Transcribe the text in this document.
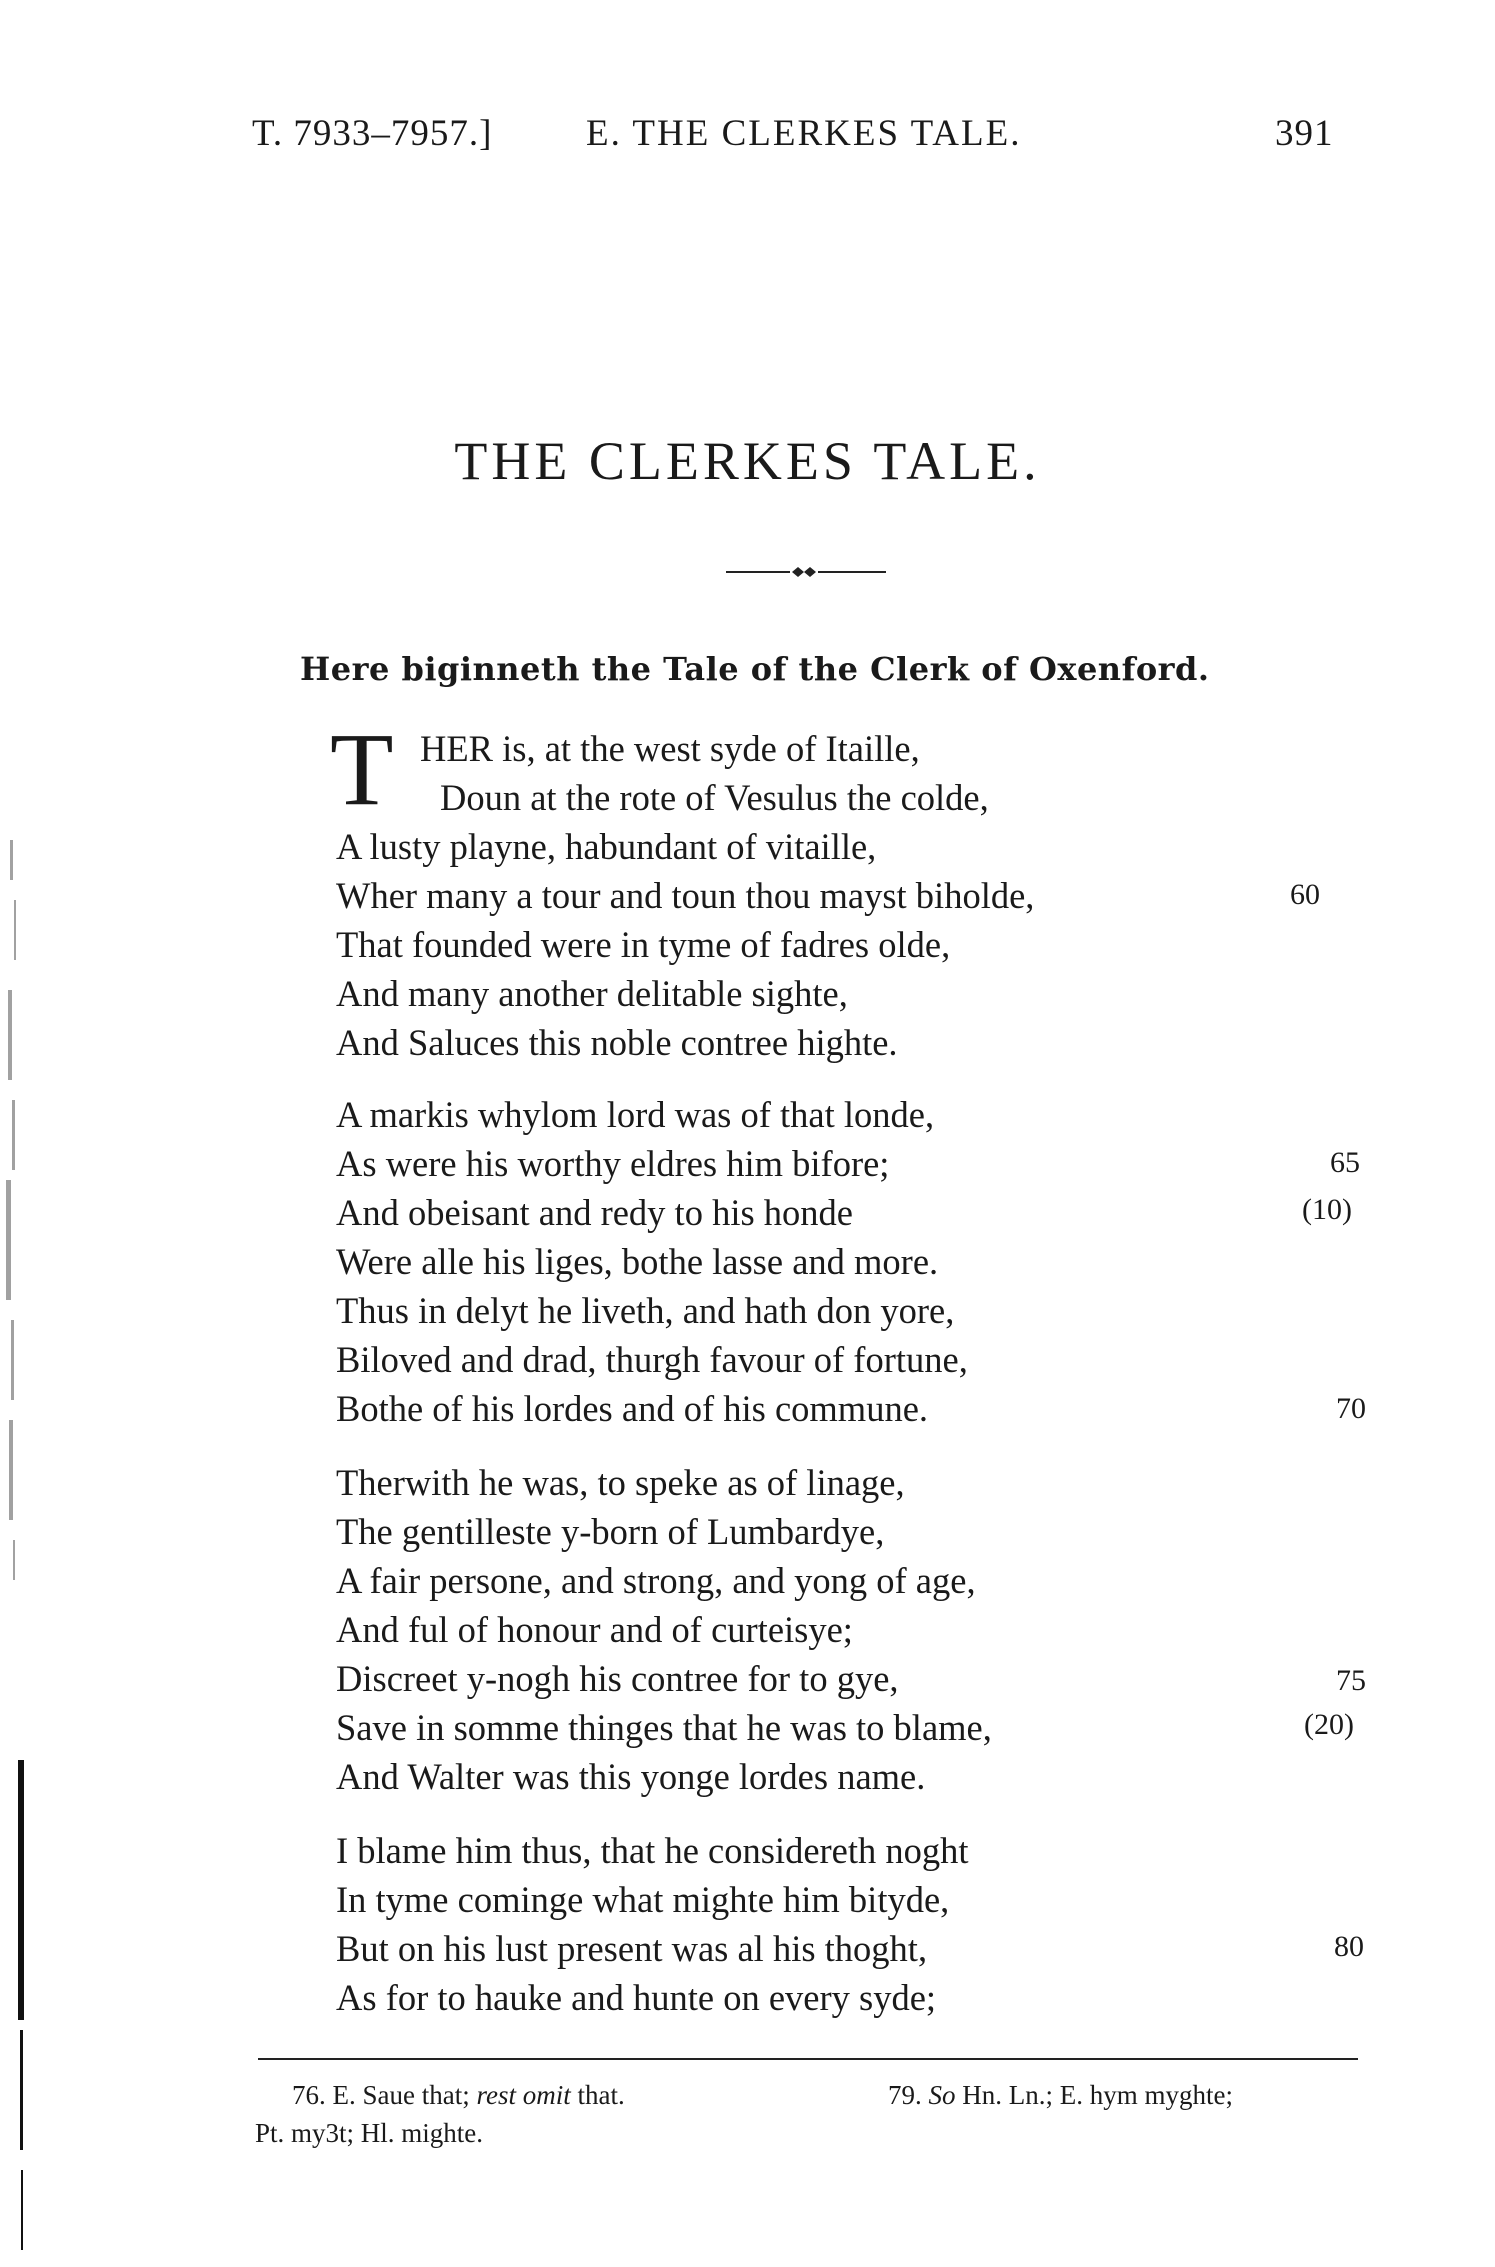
T. 7933–7957.]	E. THE CLERKES TALE.	391
THE CLERKES TALE.
Here biginneth the Tale of the Clerk of Oxenford.
T HER is, at the west syde of Itaille,
Doun at the rote of Vesulus the colde,
A lusty playne, habundant of vitaille,
Wher many a tour and toun thou mayst biholde,
That founded were in tyme of fadres olde,
And many another delitable sighte,
And Saluces this noble contree highte.
60
A markis whylom lord was of that londe,
As were his worthy eldres him bifore;
And obeisant and redy to his honde
Were alle his liges, bothe lasse and more.
Thus in delyt he liveth, and hath don yore,
Biloved and drad, thurgh favour of fortune,
Bothe of his lordes and of his commune.
65
(10)
70
Therwith he was, to speke as of linage,
The gentilleste y-born of Lumbardye,
A fair persone, and strong, and yong of age,
And ful of honour and of curteisye;
Discreet y-nogh his contree for to gye,
Save in somme thinges that he was to blame,
And Walter was this yonge lordes name.
75
(20)
I blame him thus, that he considereth noght
In tyme cominge what mighte him bityde,
But on his lust present was al his thoght,
As for to hauke and hunte on every syde;
80
76. E. Saue that; rest omit that.
Pt. my3t; Hl. mighte.
79. So Hn. Ln.; E. hym myghte;
